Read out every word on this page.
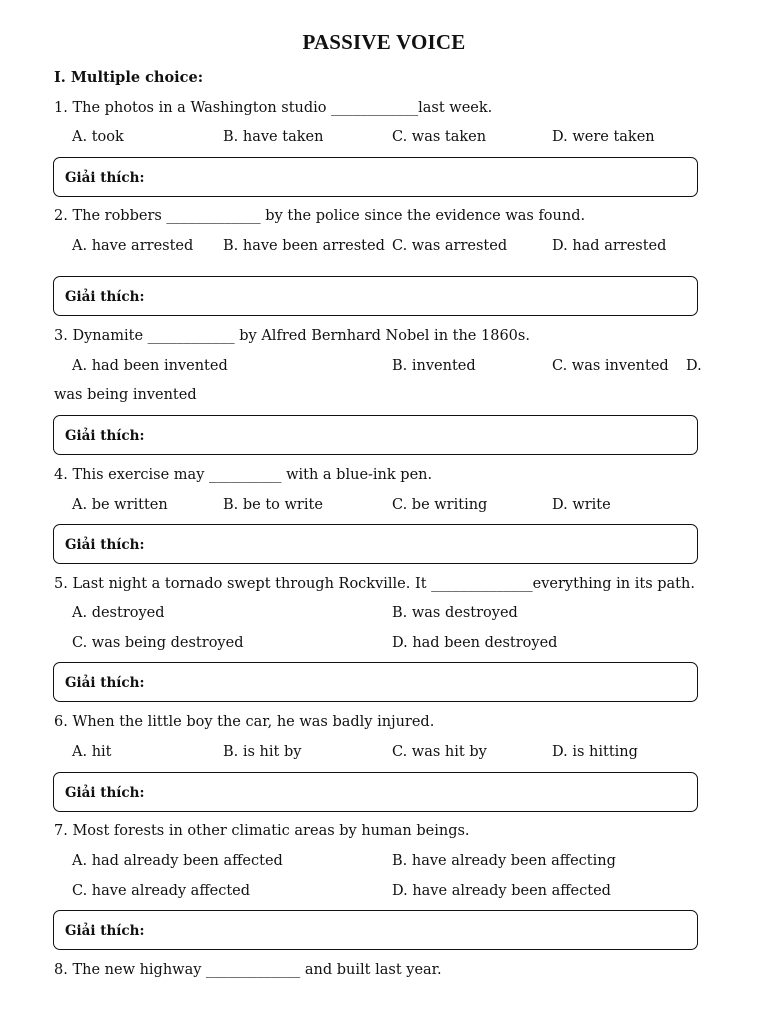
PASSIVE VOICE
I. Multiple choice:
1. The photos in a Washington studio ____________last week.
A. took	B. have taken	C. was taken	D. were taken
Giải thích:
2. The robbers _____________ by the police since the evidence was found.
A. have arrested B. have been arrested C. was arrested	D. had arrested
Giải thích:
3. Dynamite ____________ by Alfred Bernhard Nobel in the 1860s.
A. had been invented	B. invented	C. was invented D.
was being invented
Giải thích:
4. This exercise may __________ with a blue-ink pen.
A. be written	B. be to write	C. be writing	D. write
Giải thích:
5. Last night a tornado swept through Rockville. It ______________everything in its path.
A. destroyed	B. was destroyed
C. was being destroyed	D. had been destroyed
Giải thích:
6. When the little boy the car, he was badly injured.
A. hit	B. is hit by	C. was hit by	D. is hitting
Giải thích:
7. Most forests in other climatic areas by human beings.
A. had already been affected	B. have already been affecting
C. have already affected	D. have already been affected
Giải thích:
8. The new highway _____________ and built last year.
